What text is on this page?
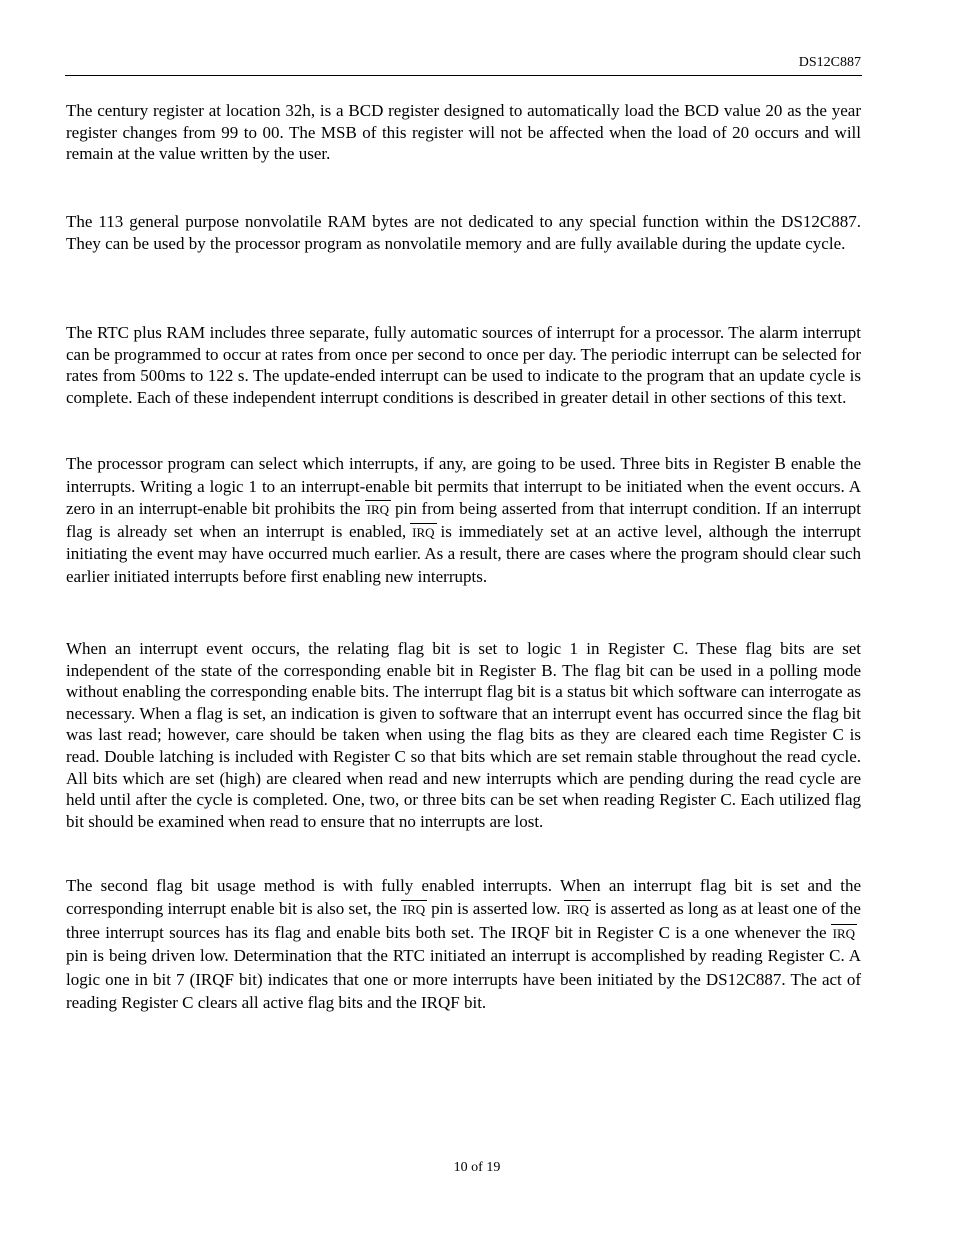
DS12C887

The century register at location 32h, is a BCD register designed to automatically load the BCD value 20 as the year register changes from 99 to 00. The MSB of this register will not be affected when the load of 20 occurs and will remain at the value written by the user.

The 113 general purpose nonvolatile RAM bytes are not dedicated to any special function within the DS12C887. They can be used by the processor program as nonvolatile memory and are fully available during the update cycle.

The RTC plus RAM includes three separate, fully automatic sources of interrupt for a processor. The alarm interrupt can be programmed to occur at rates from once per second to once per day. The periodic interrupt can be selected for rates from 500ms to 122 s. The update-ended interrupt can be used to indicate to the program that an update cycle is complete. Each of these independent interrupt conditions is described in greater detail in other sections of this text.

The processor program can select which interrupts, if any, are going to be used. Three bits in Register B enable the interrupts. Writing a logic 1 to an interrupt-enable bit permits that interrupt to be initiated when the event occurs. A zero in an interrupt-enable bit prohibits the IRQ pin from being asserted from that interrupt condition. If an interrupt flag is already set when an interrupt is enabled, IRQ is immediately set at an active level, although the interrupt initiating the event may have occurred much earlier. As a result, there are cases where the program should clear such earlier initiated interrupts before first enabling new interrupts.

When an interrupt event occurs, the relating flag bit is set to logic 1 in Register C. These flag bits are set independent of the state of the corresponding enable bit in Register B. The flag bit can be used in a polling mode without enabling the corresponding enable bits. The interrupt flag bit is a status bit which software can interrogate as necessary. When a flag is set, an indication is given to software that an interrupt event has occurred since the flag bit was last read; however, care should be taken when using the flag bits as they are cleared each time Register C is read. Double latching is included with Register C so that bits which are set remain stable throughout the read cycle. All bits which are set (high) are cleared when read and new interrupts which are pending during the read cycle are held until after the cycle is completed. One, two, or three bits can be set when reading Register C. Each utilized flag bit should be examined when read to ensure that no interrupts are lost.

The second flag bit usage method is with fully enabled interrupts. When an interrupt flag bit is set and the corresponding interrupt enable bit is also set, the IRQ pin is asserted low. IRQ is asserted as long as at least one of the three interrupt sources has its flag and enable bits both set. The IRQF bit in Register C is a one whenever the IRQpin is being driven low. Determination that the RTC initiated an interrupt is accomplished by reading Register C. A logic one in bit 7 (IRQF bit) indicates that one or more interrupts have been initiated by the DS12C887. The act of reading Register C clears all active flag bits and the IRQF bit.

10 of 19
